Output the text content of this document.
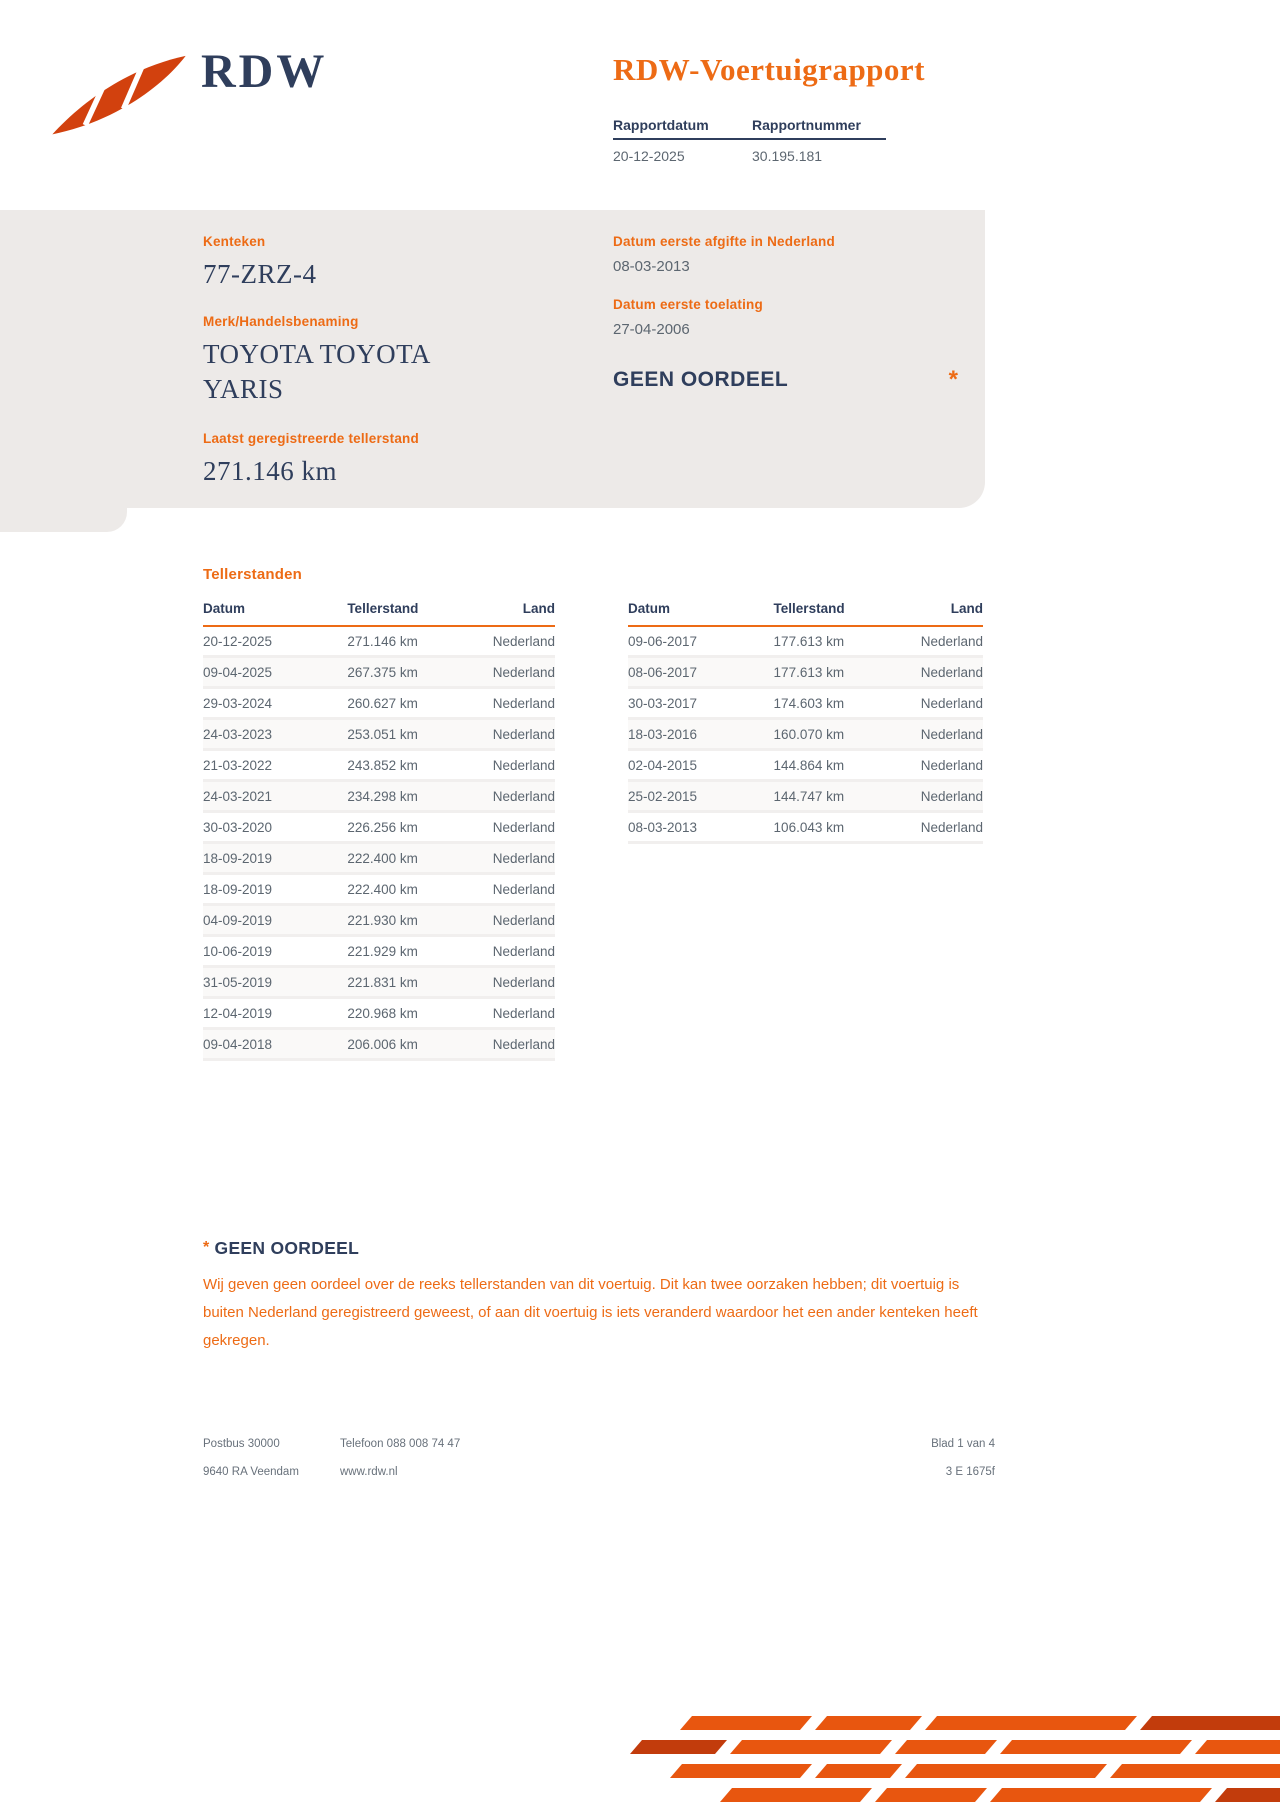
RDW	RDW-Voertuigrapport
Rapportdatum	Rapportnummer
20-12-2025	30.195.181
Kenteken
77-ZRZ-4
Merk/Handelsbenaming
TOYOTA TOYOTA YARIS
Laatst geregistreerde tellerstand
271.146 km
Datum eerste afgifte in Nederland
08-03-2013
Datum eerste toelating
27-04-2006
GEEN OORDEEL	*
Tellerstanden
Datum	Tellerstand	Land
20-12-2025	271.146 km	Nederland
09-04-2025	267.375 km	Nederland
29-03-2024	260.627 km	Nederland
24-03-2023	253.051 km	Nederland
21-03-2022	243.852 km	Nederland
24-03-2021	234.298 km	Nederland
30-03-2020	226.256 km	Nederland
18-09-2019	222.400 km	Nederland
18-09-2019	222.400 km	Nederland
04-09-2019	221.930 km	Nederland
10-06-2019	221.929 km	Nederland
31-05-2019	221.831 km	Nederland
12-04-2019	220.968 km	Nederland
09-04-2018	206.006 km	Nederland
Datum	Tellerstand	Land
09-06-2017	177.613 km	Nederland
08-06-2017	177.613 km	Nederland
30-03-2017	174.603 km	Nederland
18-03-2016	160.070 km	Nederland
02-04-2015	144.864 km	Nederland
25-02-2015	144.747 km	Nederland
08-03-2013	106.043 km	Nederland
* GEEN OORDEEL

Wij geven geen oordeel over de reeks tellerstanden van dit voertuig. Dit kan twee oorzaken hebben; dit voertuig is buiten Nederland geregistreerd geweest, of aan dit voertuig is iets veranderd waardoor het een ander kenteken heeft gekregen.

Postbus 30000
9640 RA Veendam
Telefoon 088 008 74 47
www.rdw.nl
Blad 1 van 4
3 E 1675f
